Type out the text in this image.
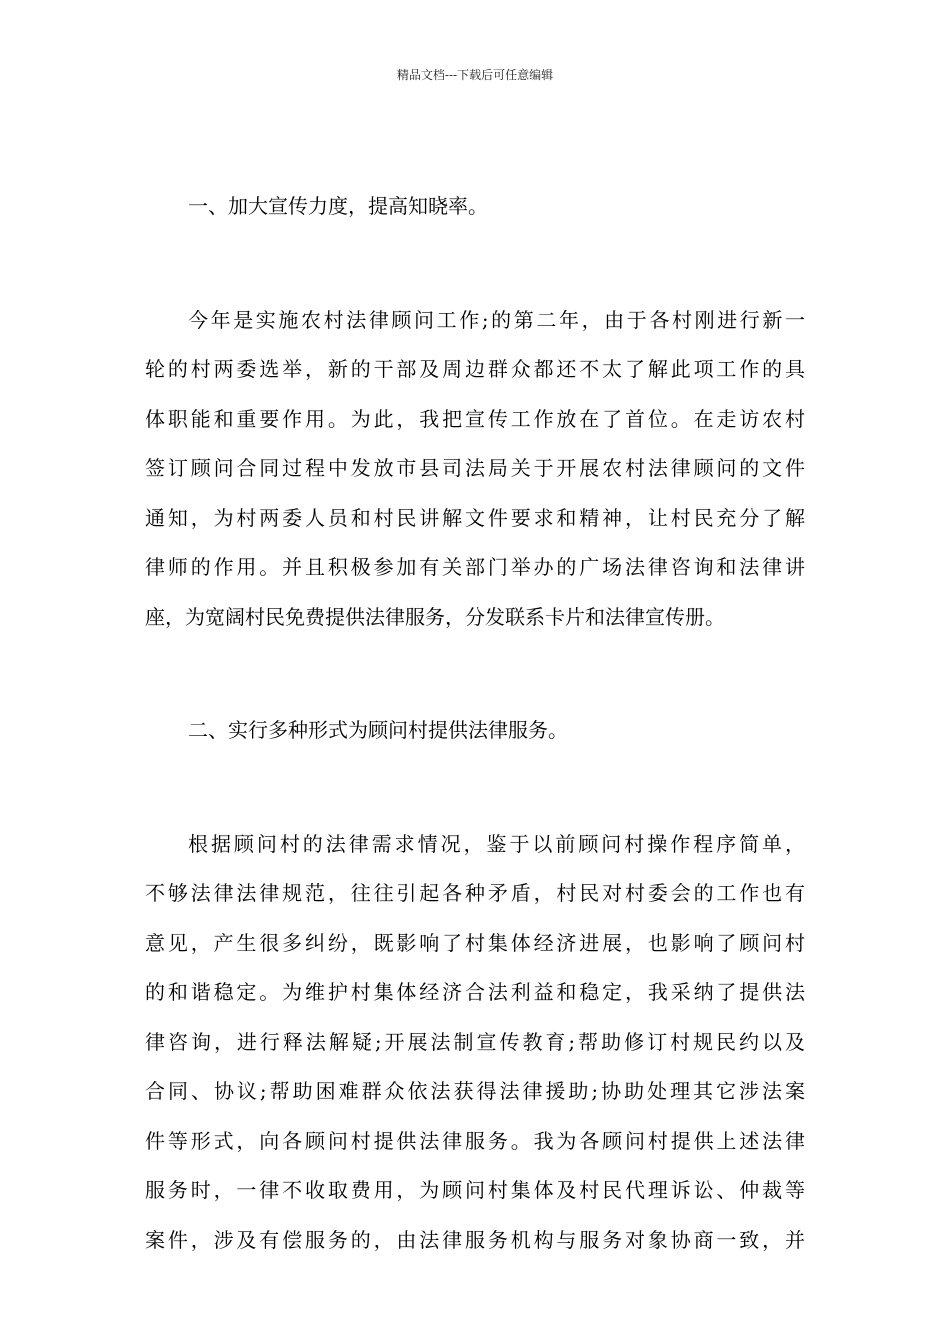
精品文档---下载后可任意编辑
一、加大宣传力度，提高知晓率。
今年是实施农村法律顾问工作;的第二年，由于各村刚进行新一
轮的村两委选举，新的干部及周边群众都还不太了解此项工作的具
体职能和重要作用。为此，我把宣传工作放在了首位。在走访农村
签订顾问合同过程中发放市县司法局关于开展农村法律顾问的文件
通知，为村两委人员和村民讲解文件要求和精神，让村民充分了解
律师的作用。并且积极参加有关部门举办的广场法律咨询和法律讲
座，为宽阔村民免费提供法律服务，分发联系卡片和法律宣传册。
二、实行多种形式为顾问村提供法律服务。
根据顾问村的法律需求情况，鉴于以前顾问村操作程序简单，
不够法律法律规范，往往引起各种矛盾，村民对村委会的工作也有
意见，产生很多纠纷，既影响了村集体经济进展，也影响了顾问村
的和谐稳定。为维护村集体经济合法利益和稳定，我采纳了提供法
律咨询，进行释法解疑;开展法制宣传教育;帮助修订村规民约以及
合同、协议;帮助困难群众依法获得法律援助;协助处理其它涉法案
件等形式，向各顾问村提供法律服务。我为各顾问村提供上述法律
服务时，一律不收取费用，为顾问村集体及村民代理诉讼、仲裁等
案件，涉及有偿服务的，由法律服务机构与服务对象协商一致，并
